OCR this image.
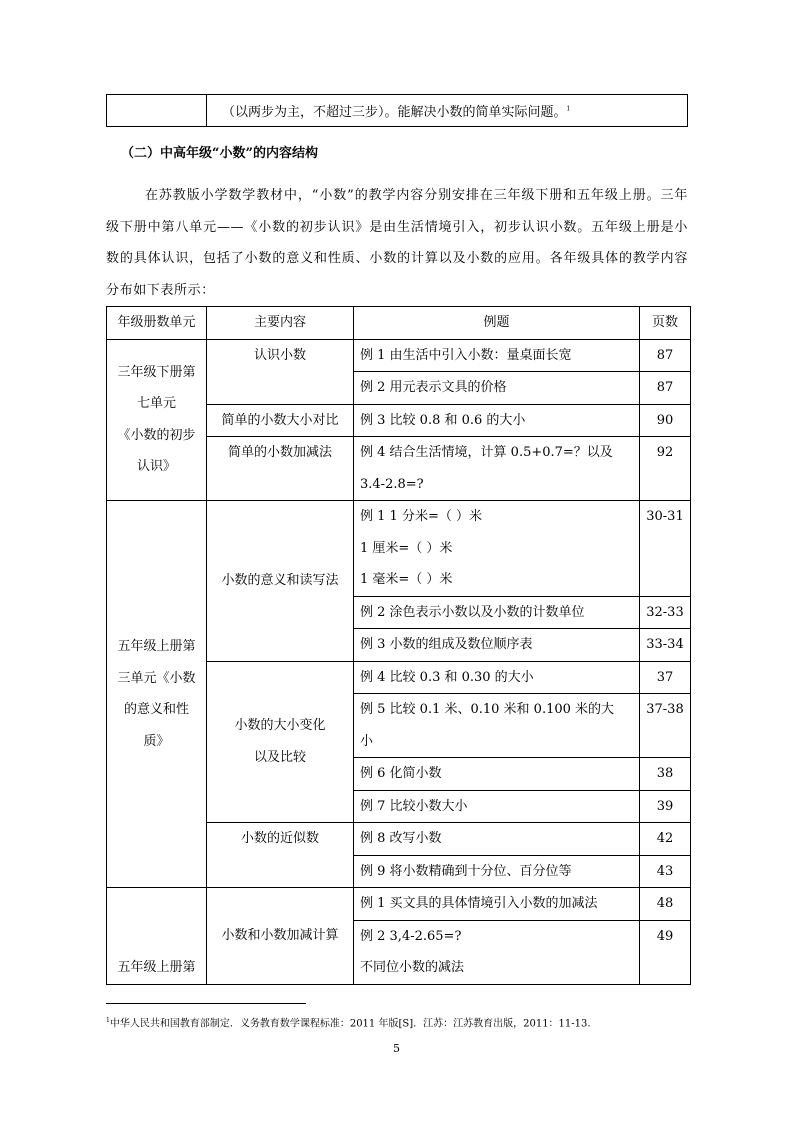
	（以两步为主，不超过三步）。能解决小数的简单实际问题。$^1$
（二）中高年级“小数”的内容结构

在苏教版小学数学教材中，“小数”的教学内容分别安排在三年级下册和五年级上册。三年级下册中第八单元——《小数的初步认识》是由生活情境引入，初步认识小数。五年级上册是小数的具体认识，包括了小数的意义和性质、小数的计算以及小数的应用。各年级具体的教学内容分布如下表所示：

年级册数单元	主要内容	例题	页数

三年级下册第
七单元
《小数的初步
认识》	认识小数	例 1 由生活中引入小数：量桌面长宽	87

		例 2 用元表示文具的价格	87
	简单的小数大小对比	例 3 比较 0.8 和 0.6 的大小	90
	简单的小数加减法	例 4 结合生活情境，计算 0.5+0.7=？以及
3.4-2.8=?	92

五年级上册第
三单元《小数
的意义和性
质》	小数的意义和读写法	例 1 1 分米=（ ）米
1 厘米=（ ）米
1 毫米=（ ）米	30-31

		例 2 涂色表示小数以及小数的计数单位	32-33

		例 3 小数的组成及数位顺序表	33-34

	小数的大小变化
以及比较	例 4 比较 0.3 和 0.30 的大小	37

		例 5 比较 0.1 米、0.10 米和 0.100 米的大
小	37-38

		例 6 化简小数	38

		例 7 比较小数大小	39
	小数的近似数	例 8 改写小数	42

		例 9 将小数精确到十分位、百分位等	43

五年级上册第	小数和小数加减计算	例 1 买文具的具体情境引入小数的加减法	48

		例 2 3,4-2.65=?
不同位小数的减法	49
$^1$中华人民共和国教育部制定．义务教育数学课程标准：2011 年版[S]．江苏：江苏教育出版，2011：11-13.
5
